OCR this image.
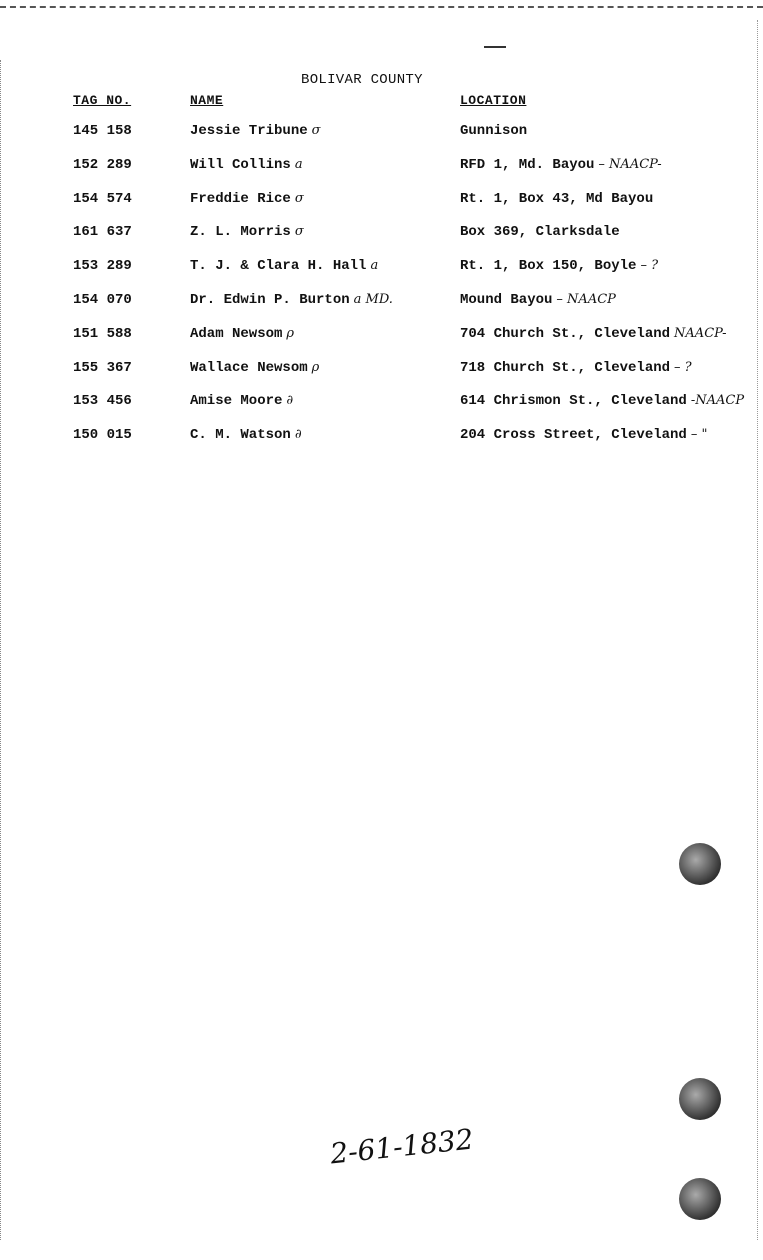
BOLIVAR COUNTY
TAG NO.	NAME	LOCATION
145 158	Jessie Tribune σ	Gunnison
152 289	Will Collins a	RFD 1, Md. Bayou – NAACP-
154 574	Freddie Rice σ	Rt. 1, Box 43, Md Bayou
161 637	Z. L. Morris σ	Box 369, Clarksdale
153 289	T. J. & Clara H. Hall a	Rt. 1, Box 150, Boyle – ?
154 070	Dr. Edwin P. Burton a MD.	Mound Bayou – NAACP
151 588	Adam Newsom ρ	704 Church St., Cleveland NAACP-
155 367	Wallace Newsom ρ	718 Church St., Cleveland – ?
153 456	Amise Moore ∂	614 Chrismon St., Cleveland -NAACP
150 015	C. M. Watson ∂	204 Cross Street, Cleveland – "
2-61-1832
